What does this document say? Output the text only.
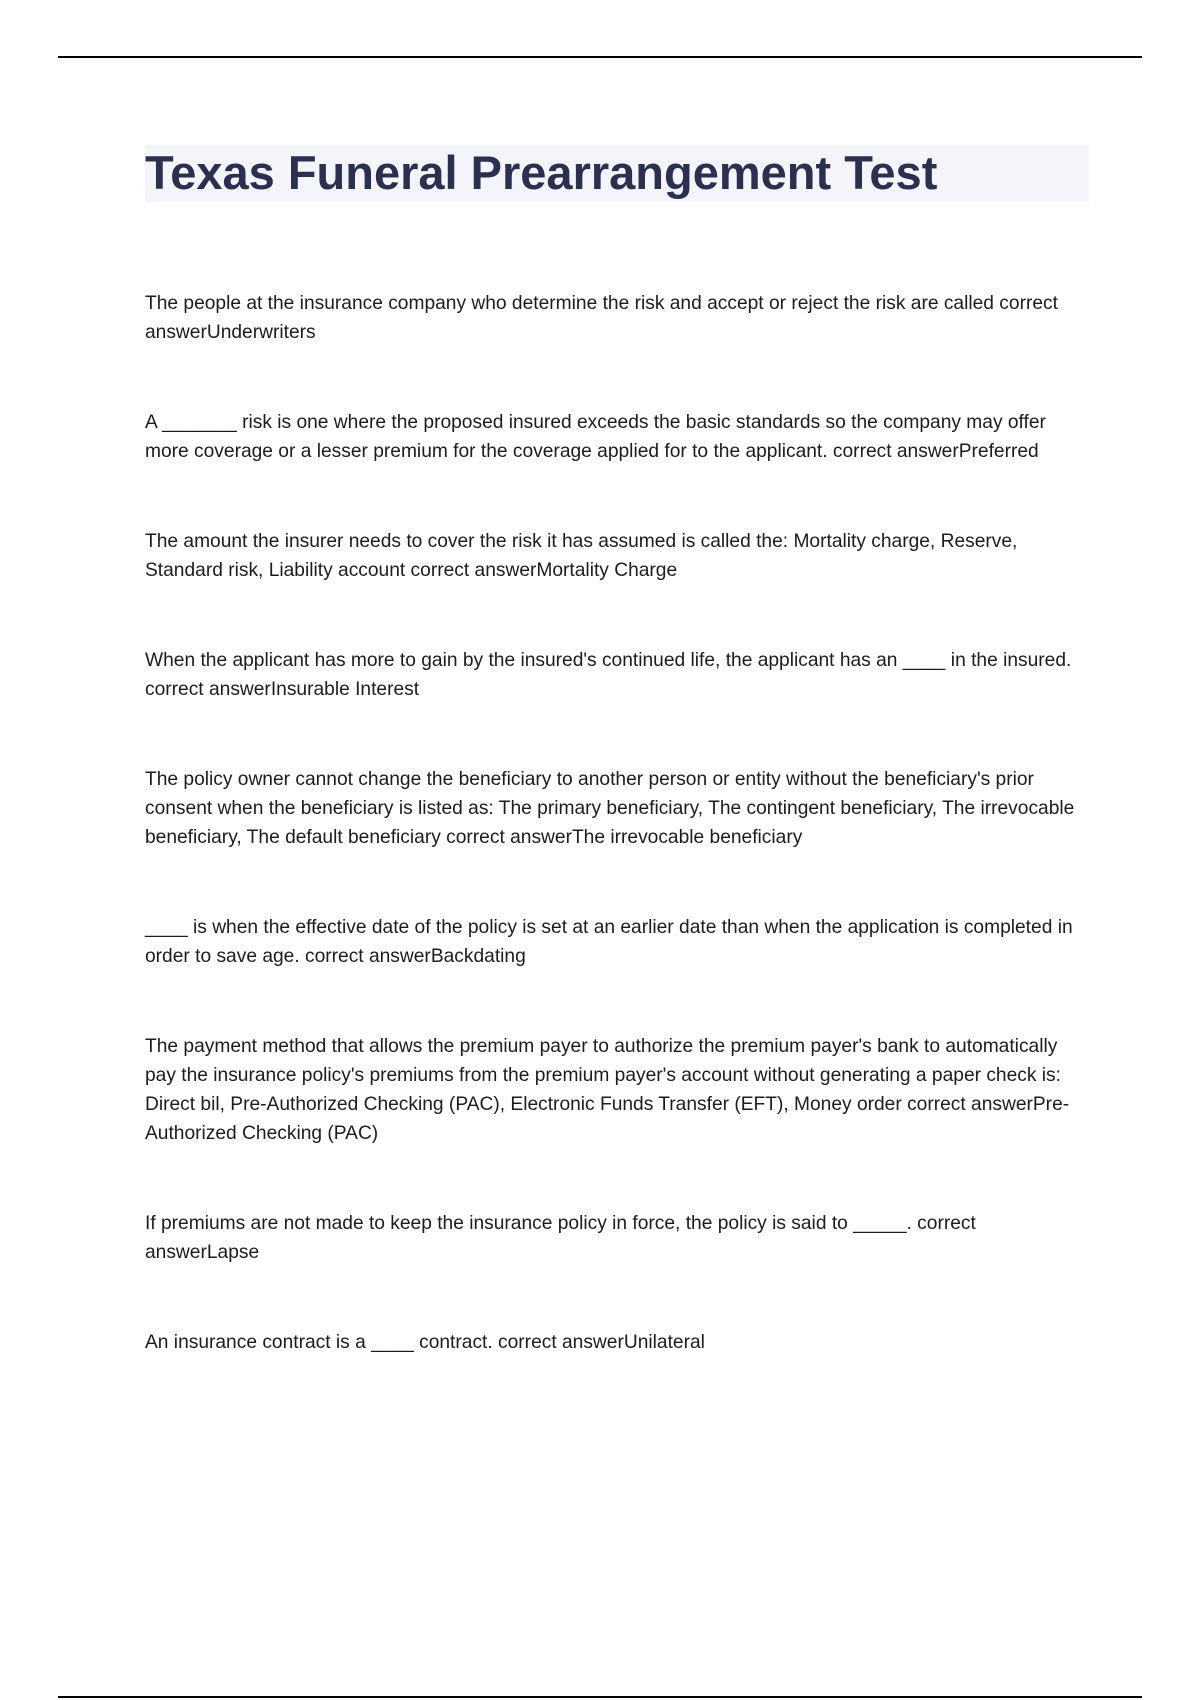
Texas Funeral Prearrangement Test
The people at the insurance company who determine the risk and accept or reject the risk are called correct answerUnderwriters
A _______ risk is one where the proposed insured exceeds the basic standards so the company may offer more coverage or a lesser premium for the coverage applied for to the applicant. correct answerPreferred
The amount the insurer needs to cover the risk it has assumed is called the: Mortality charge, Reserve, Standard risk, Liability account correct answerMortality Charge
When the applicant has more to gain by the insured's continued life, the applicant has an ____ in the insured. correct answerInsurable Interest
The policy owner cannot change the beneficiary to another person or entity without the beneficiary's prior consent when the beneficiary is listed as: The primary beneficiary, The contingent beneficiary, The irrevocable beneficiary, The default beneficiary correct answerThe irrevocable beneficiary
____ is when the effective date of the policy is set at an earlier date than when the application is completed in order to save age. correct answerBackdating
The payment method that allows the premium payer to authorize the premium payer's bank to automatically pay the insurance policy's premiums from the premium payer's account without generating a paper check is: Direct bil, Pre-Authorized Checking (PAC), Electronic Funds Transfer (EFT), Money order correct answerPre-Authorized Checking (PAC)
If premiums are not made to keep the insurance policy in force, the policy is said to _____. correct answerLapse
An insurance contract is a ____ contract. correct answerUnilateral
